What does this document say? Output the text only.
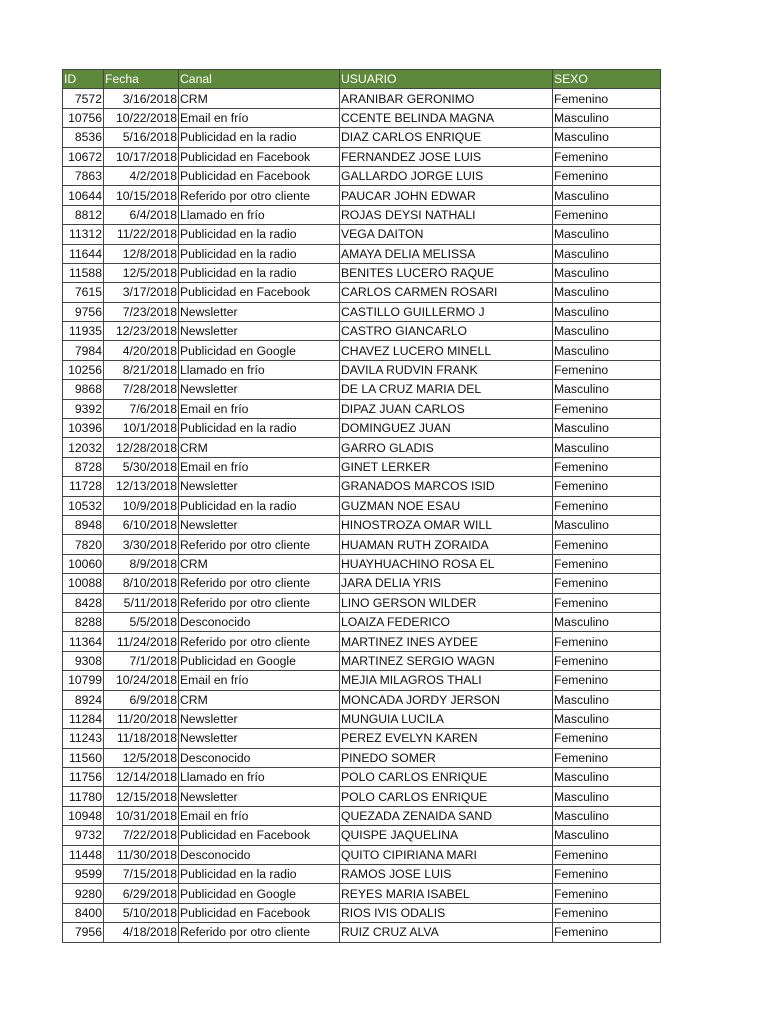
ID	Fecha	Canal	USUARIO	SEXO
7572	3/16/2018	CRM	ARANIBAR GERONIMO	Femenino
10756	10/22/2018	Email en frío	CCENTE BELINDA MAGNA	Masculino
8536	5/16/2018	Publicidad en la radio	DIAZ CARLOS ENRIQUE	Masculino
10672	10/17/2018	Publicidad en Facebook	FERNANDEZ JOSE LUIS	Femenino
7863	4/2/2018	Publicidad en Facebook	GALLARDO JORGE LUIS	Femenino
10644	10/15/2018	Referido por otro cliente	PAUCAR JOHN EDWAR	Masculino
8812	6/4/2018	Llamado en frío	ROJAS DEYSI NATHALI	Femenino
11312	11/22/2018	Publicidad en la radio	VEGA DAITON	Masculino
11644	12/8/2018	Publicidad en la radio	AMAYA DELIA MELISSA	Masculino
11588	12/5/2018	Publicidad en la radio	BENITES LUCERO RAQUE	Masculino
7615	3/17/2018	Publicidad en Facebook	CARLOS CARMEN ROSARI	Masculino
9756	7/23/2018	Newsletter	CASTILLO GUILLERMO J	Masculino
11935	12/23/2018	Newsletter	CASTRO GIANCARLO	Masculino
7984	4/20/2018	Publicidad en Google	CHAVEZ LUCERO MINELL	Masculino
10256	8/21/2018	Llamado en frío	DAVILA RUDVIN FRANK	Femenino
9868	7/28/2018	Newsletter	DE LA CRUZ MARIA DEL	Masculino
9392	7/6/2018	Email en frío	DIPAZ JUAN CARLOS	Femenino
10396	10/1/2018	Publicidad en la radio	DOMINGUEZ JUAN	Masculino
12032	12/28/2018	CRM	GARRO GLADIS	Masculino
8728	5/30/2018	Email en frío	GINET LERKER	Femenino
11728	12/13/2018	Newsletter	GRANADOS MARCOS ISID	Femenino
10532	10/9/2018	Publicidad en la radio	GUZMAN NOE ESAU	Femenino
8948	6/10/2018	Newsletter	HINOSTROZA OMAR WILL	Masculino
7820	3/30/2018	Referido por otro cliente	HUAMAN RUTH ZORAIDA	Femenino
10060	8/9/2018	CRM	HUAYHUACHINO ROSA EL	Femenino
10088	8/10/2018	Referido por otro cliente	JARA DELIA YRIS	Femenino
8428	5/11/2018	Referido por otro cliente	LINO GERSON WILDER	Femenino
8288	5/5/2018	Desconocido	LOAIZA FEDERICO	Masculino
11364	11/24/2018	Referido por otro cliente	MARTINEZ INES AYDEE	Femenino
9308	7/1/2018	Publicidad en Google	MARTINEZ SERGIO WAGN	Femenino
10799	10/24/2018	Email en frío	MEJIA MILAGROS THALI	Femenino
8924	6/9/2018	CRM	MONCADA JORDY JERSON	Masculino
11284	11/20/2018	Newsletter	MUNGUIA LUCILA	Masculino
11243	11/18/2018	Newsletter	PEREZ EVELYN KAREN	Femenino
11560	12/5/2018	Desconocido	PINEDO SOMER	Femenino
11756	12/14/2018	Llamado en frío	POLO CARLOS ENRIQUE	Masculino
11780	12/15/2018	Newsletter	POLO CARLOS ENRIQUE	Masculino
10948	10/31/2018	Email en frío	QUEZADA ZENAIDA SAND	Masculino
9732	7/22/2018	Publicidad en Facebook	QUISPE JAQUELINA	Masculino
11448	11/30/2018	Desconocido	QUITO CIPIRIANA MARI	Femenino
9599	7/15/2018	Publicidad en la radio	RAMOS JOSE LUIS	Femenino
9280	6/29/2018	Publicidad en Google	REYES MARIA ISABEL	Femenino
8400	5/10/2018	Publicidad en Facebook	RIOS IVIS ODALIS	Femenino
7956	4/18/2018	Referido por otro cliente	RUIZ CRUZ ALVA	Femenino
